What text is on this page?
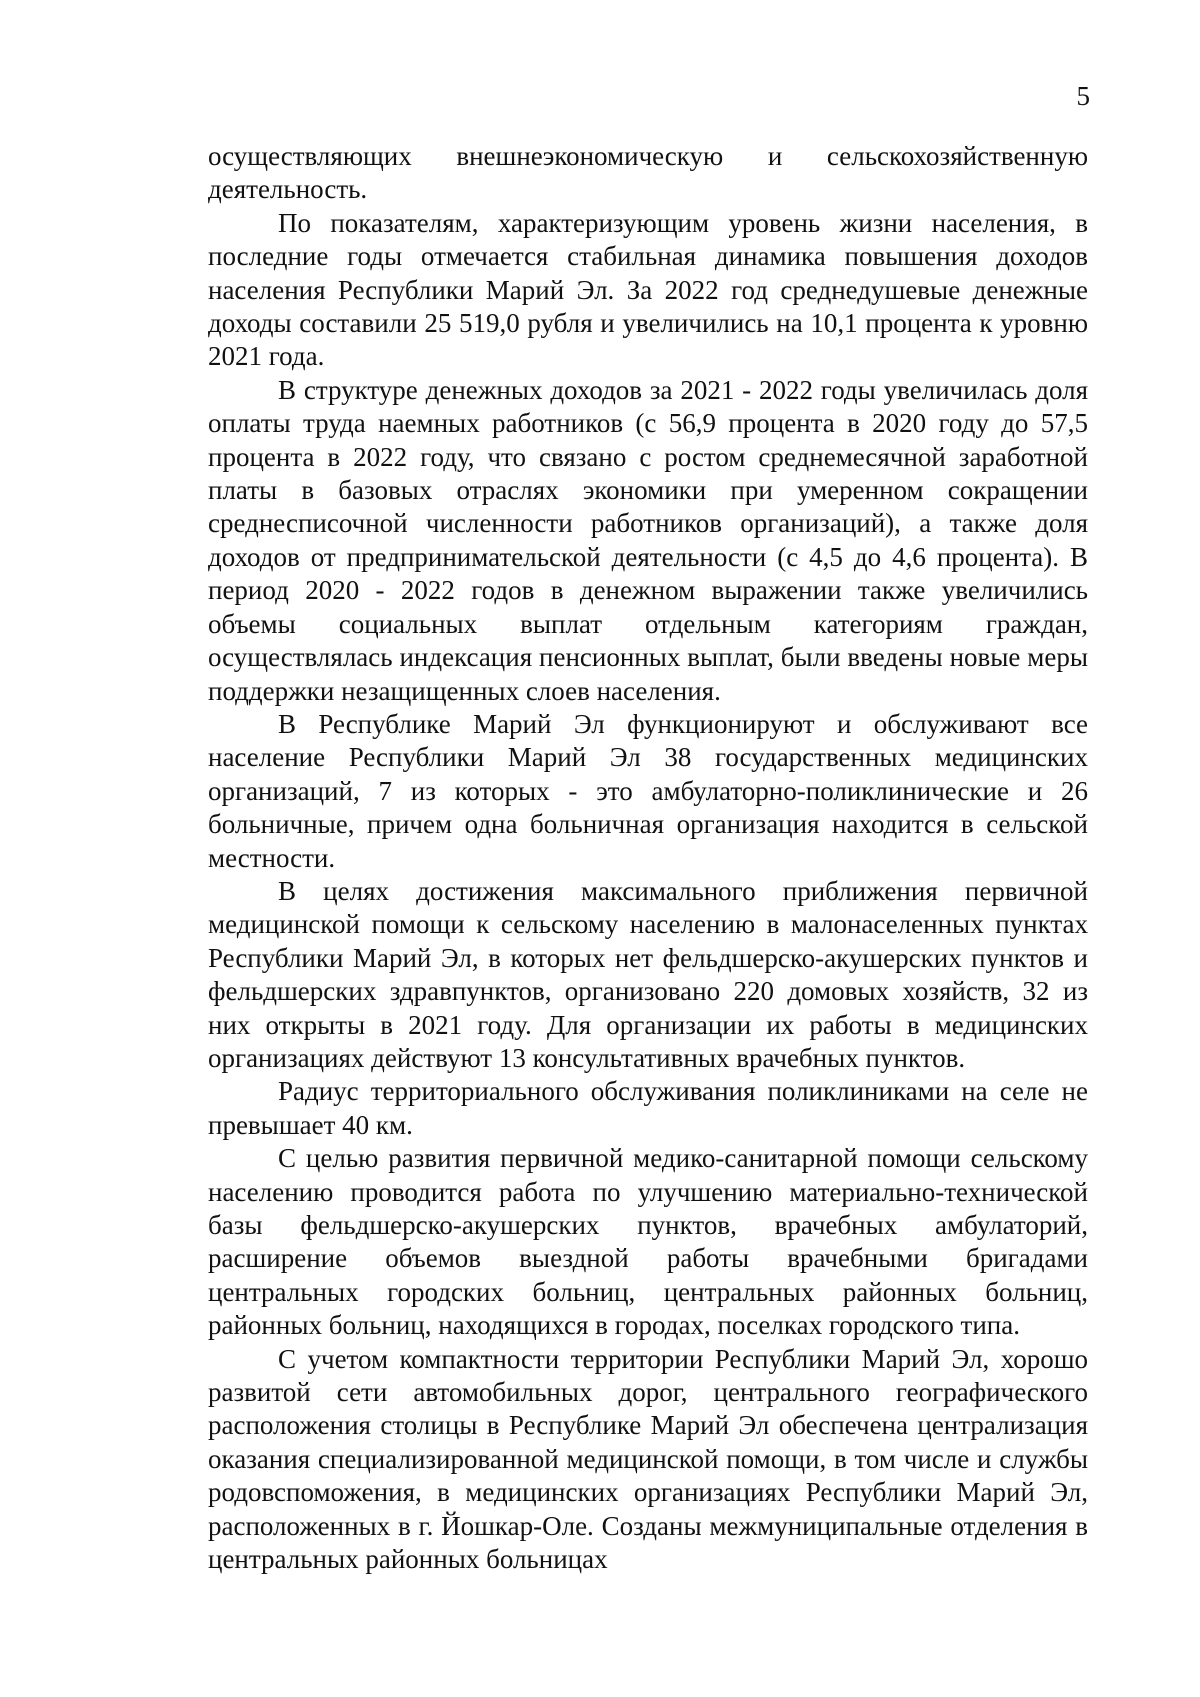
5

осуществляющих внешнеэкономическую и сельскохозяйственную деятельность.

По показателям, характеризующим уровень жизни населения, в последние годы отмечается стабильная динамика повышения доходов населения Республики Марий Эл. За 2022 год среднедушевые денежные доходы составили 25 519,0 рубля и увеличились на 10,1 процента к уровню 2021 года.

В структуре денежных доходов за 2021 - 2022 годы увеличилась доля оплаты труда наемных работников (с 56,9 процента в 2020 году до 57,5 процента в 2022 году, что связано с ростом среднемесячной заработной платы в базовых отраслях экономики при умеренном сокращении среднесписочной численности работников организаций), а также доля доходов от предпринимательской деятельности (с 4,5 до 4,6 процента). В период 2020 - 2022 годов в денежном выражении также увеличились объемы социальных выплат отдельным категориям граждан, осуществлялась индексация пенсионных выплат, были введены новые меры поддержки незащищенных слоев населения.

В Республике Марий Эл функционируют и обслуживают все население Республики Марий Эл 38 государственных медицинских организаций, 7 из которых - это амбулаторно-поликлинические и 26 больничные, причем одна больничная организация находится в сельской местности.

В целях достижения максимального приближения первичной медицинской помощи к сельскому населению в малонаселенных пунктах Республики Марий Эл, в которых нет фельдшерско-акушерских пунктов и фельдшерских здравпунктов, организовано 220 домовых хозяйств, 32 из них открыты в 2021 году. Для организации их работы в медицинских организациях действуют 13 консультативных врачебных пунктов.

Радиус территориального обслуживания поликлиниками на селе не превышает 40 км.

С целью развития первичной медико-санитарной помощи сельскому населению проводится работа по улучшению материально-технической базы фельдшерско-акушерских пунктов, врачебных амбулаторий, расширение объемов выездной работы врачебными бригадами центральных городских больниц, центральных районных больниц, районных больниц, находящихся в городах, поселках городского типа.

С учетом компактности территории Республики Марий Эл, хорошо развитой сети автомобильных дорог, центрального географического расположения столицы в Республике Марий Эл обеспечена централизация оказания специализированной медицинской помощи, в том числе и службы родовспоможения, в медицинских организациях Республики Марий Эл, расположенных в г. Йошкар-Оле. Созданы межмуниципальные отделения в центральных районных больницах
